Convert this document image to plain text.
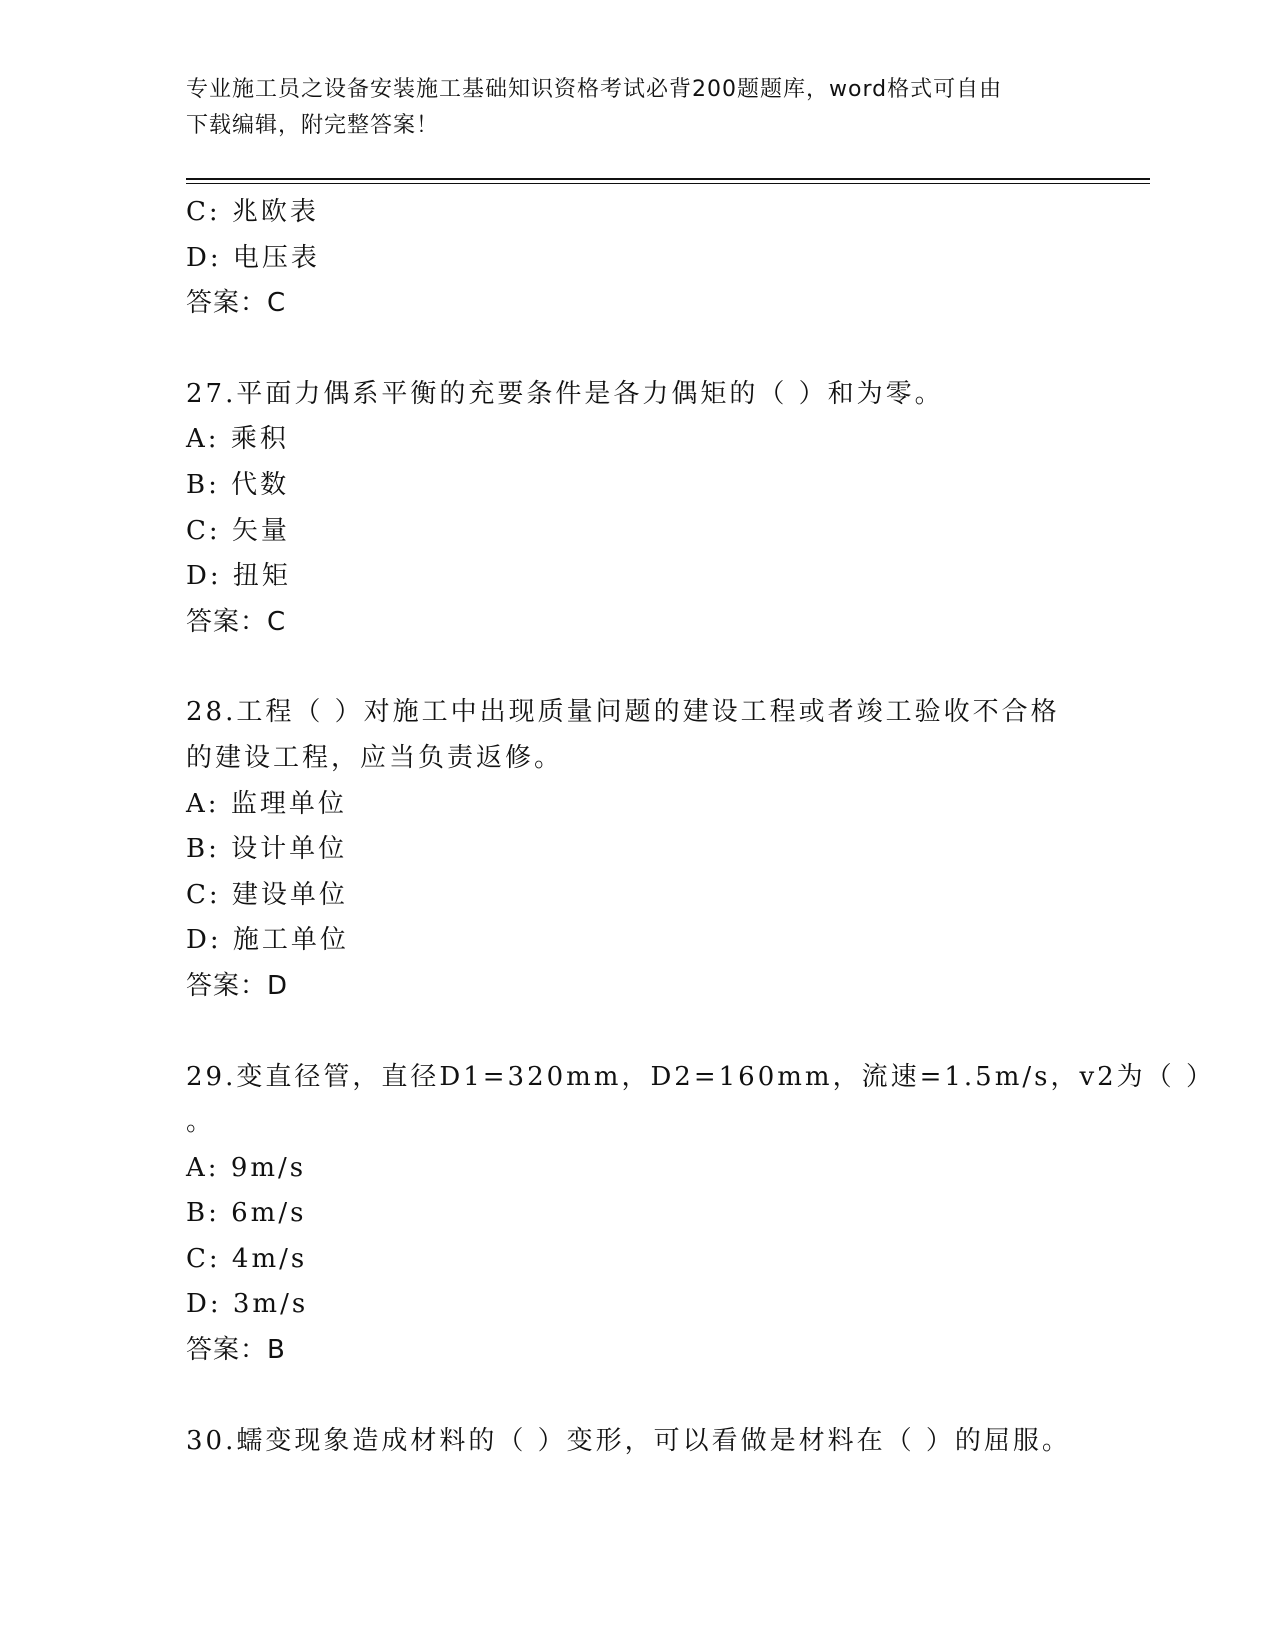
专业施工员之设备安装施工基础知识资格考试必背200题题库，word格式可自由
下载编辑，附完整答案！
C: 兆欧表
D: 电压表
答案：C
27.平面力偶系平衡的充要条件是各力偶矩的（ ）和为零。
A: 乘积
B: 代数
C: 矢量
D: 扭矩
答案：C
28.工程（ ）对施工中出现质量问题的建设工程或者竣工验收不合格
的建设工程，应当负责返修。
A: 监理单位
B: 设计单位
C: 建设单位
D: 施工单位
答案：D
29.变直径管，直径D1=320mm，D2=160mm，流速=1.5m/s，v2为（ ）
。
A: 9m/s
B: 6m/s
C: 4m/s
D: 3m/s
答案：B
30.蠕变现象造成材料的（ ）变形，可以看做是材料在（ ）的屈服。
